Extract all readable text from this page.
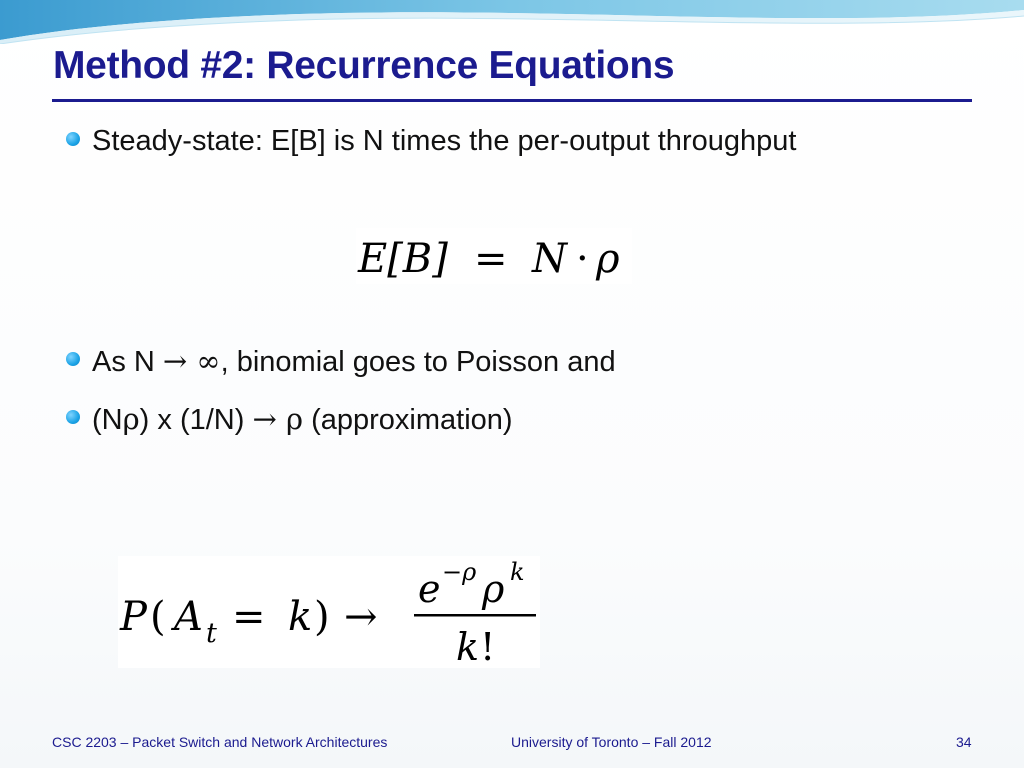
Method #2: Recurrence Equations
Steady-state: E[B] is N times the per-output throughput
E[B] = N · ρ
As N → ∞, binomial goes to Poisson and
(Nρ) x (1/N) → ρ (approximation)
P ( A t = k ) →
e −ρ ρ k
k !
CSC 2203 – Packet Switch and Network Architectures	University of Toronto – Fall 2012	34
